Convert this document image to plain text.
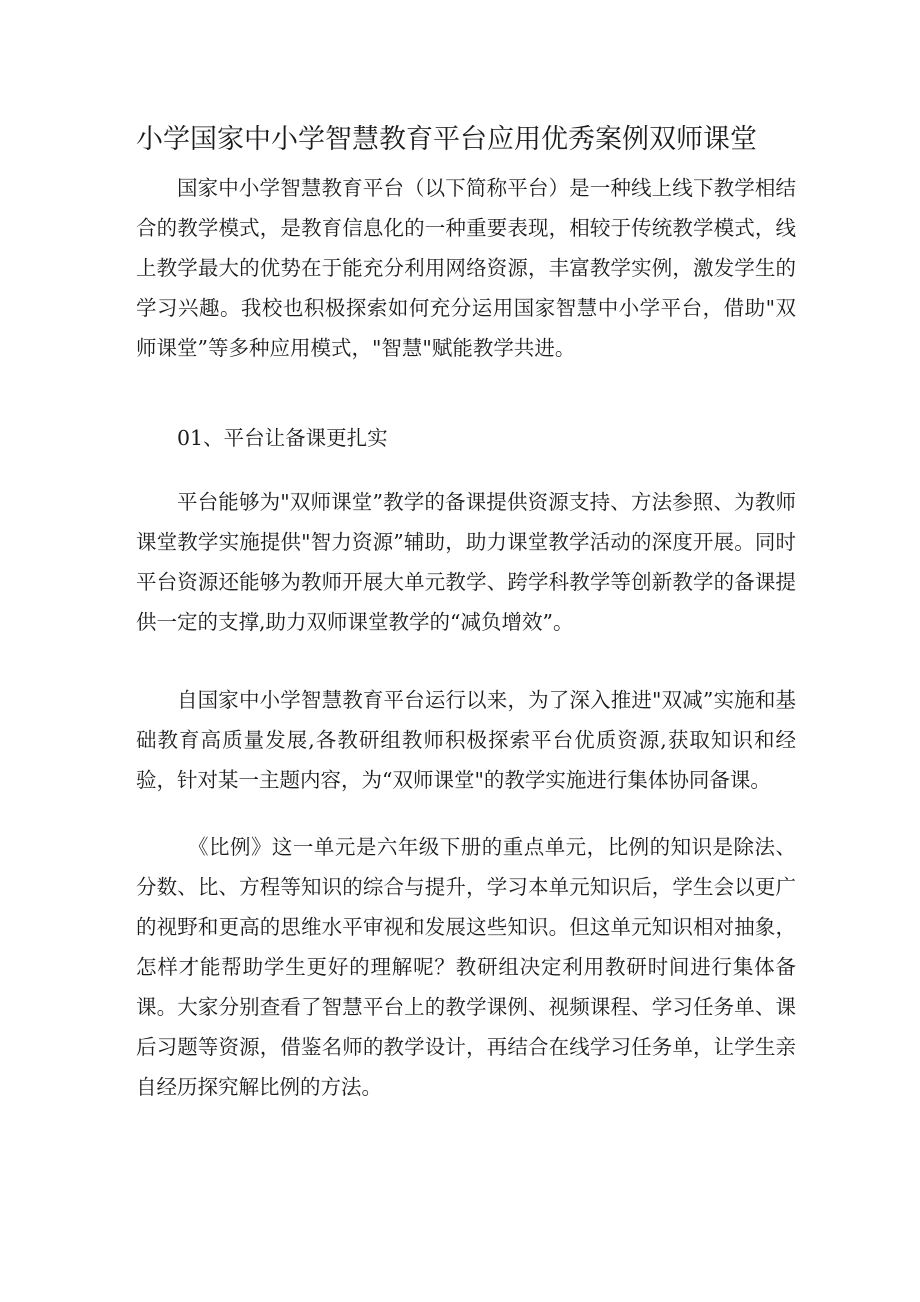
小学国家中小学智慧教育平台应用优秀案例双师课堂

国家中小学智慧教育平台（以下简称平台）是一种线上线下教学相结合的教学模式，是教育信息化的一种重要表现，相较于传统教学模式，线上教学最大的优势在于能充分利用网络资源，丰富教学实例，激发学生的学习兴趣。我校也积极探索如何充分运用国家智慧中小学平台，借助"双师课堂”等多种应用模式，"智慧"赋能教学共进。

01、平台让备课更扎实

平台能够为"双师课堂”教学的备课提供资源支持、方法参照、为教师课堂教学实施提供"智力资源”辅助，助力课堂教学活动的深度开展。同时平台资源还能够为教师开展大单元教学、跨学科教学等创新教学的备课提供一定的支撑,助力双师课堂教学的“减负增效”。

自国家中小学智慧教育平台运行以来，为了深入推进"双减”实施和基础教育高质量发展,各教研组教师积极探索平台优质资源,获取知识和经验，针对某一主题内容，为“双师课堂"的教学实施进行集体协同备课。

《比例》这一单元是六年级下册的重点单元，比例的知识是除法、分数、比、方程等知识的综合与提升，学习本单元知识后，学生会以更广的视野和更高的思维水平审视和发展这些知识。但这单元知识相对抽象，怎样才能帮助学生更好的理解呢？教研组决定利用教研时间进行集体备课。大家分别查看了智慧平台上的教学课例、视频课程、学习任务单、课后习题等资源，借鉴名师的教学设计，再结合在线学习任务单，让学生亲自经历探究解比例的方法。
